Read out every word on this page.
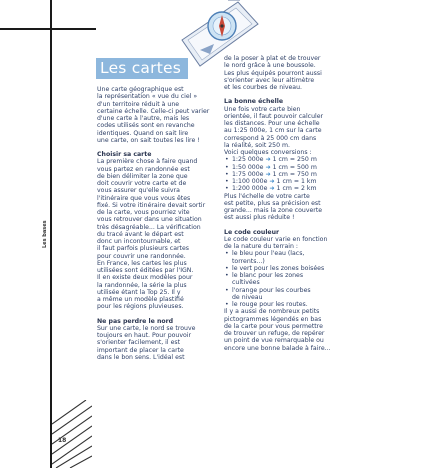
Les bases
18
Les cartes

Une carte géographique est

la représentation « vue du ciel »

d'un territoire réduit à une

certaine échelle. Celle-ci peut varier

d'une carte à l'autre, mais les

codes utilisés sont en revanche

identiques. Quand on sait lire

une carte, on sait toutes les lire !

Choisir sa carte

La première chose à faire quand

vous partez en randonnée est

de bien délimiter la zone que

doit couvrir votre carte et de

vous assurer qu'elle suivra

l'itinéraire que vous vous êtes

fixé. Si votre itinéraire devait sortir

de la carte, vous pourriez vite

vous retrouver dans une situation

très désagréable... La vérification

du tracé avant le départ est

donc un incontournable, et

il faut parfois plusieurs cartes

pour couvrir une randonnée.

En France, les cartes les plus

utilisées sont éditées par l'IGN.

Il en existe deux modèles pour

la randonnée, la série la plus

utilisée étant la Top 25. Il y

a même un modèle plastifié

pour les régions pluvieuses.

Ne pas perdre le nord

Sur une carte, le nord se trouve

toujours en haut. Pour pouvoir

s'orienter facilement, il est

important de placer la carte

dans le bon sens. L'idéal est

de la poser à plat et de trouver

le nord grâce à une boussole.

Les plus équipés pourront aussi

s'orienter avec leur altimètre

et les courbes de niveau.

La bonne échelle

Une fois votre carte bien

orientée, il faut pouvoir calculer

les distances. Pour une échelle

au 1:25 000e, 1 cm sur la carte

correspond à 25 000 cm dans

la réalité, soit 250 m.

Voici quelques conversions :

• 1:25 000e ➜ 1 cm = 250 m
• 1:50 000e ➜ 1 cm = 500 m
• 1:75 000e ➜ 1 cm = 750 m
• 1:100 000e ➜ 1 cm = 1 km
• 1:200 000e ➜ 1 cm = 2 km

Plus l'échelle de votre carte

est petite, plus sa précision est

grande... mais la zone couverte

est aussi plus réduite !

Le code couleur

Le code couleur varie en fonction

de la nature du terrain :

• le bleu pour l'eau (lacs,

torrents...)

• le vert pour les zones boisées

• le blanc pour les zones

cultivées

• l'orange pour les courbes

de niveau

• le rouge pour les routes.

Il y a aussi de nombreux petits

pictogrammes légendés en bas

de la carte pour vous permettre

de trouver un refuge, de repérer

un point de vue remarquable ou

encore une bonne balade à faire...
